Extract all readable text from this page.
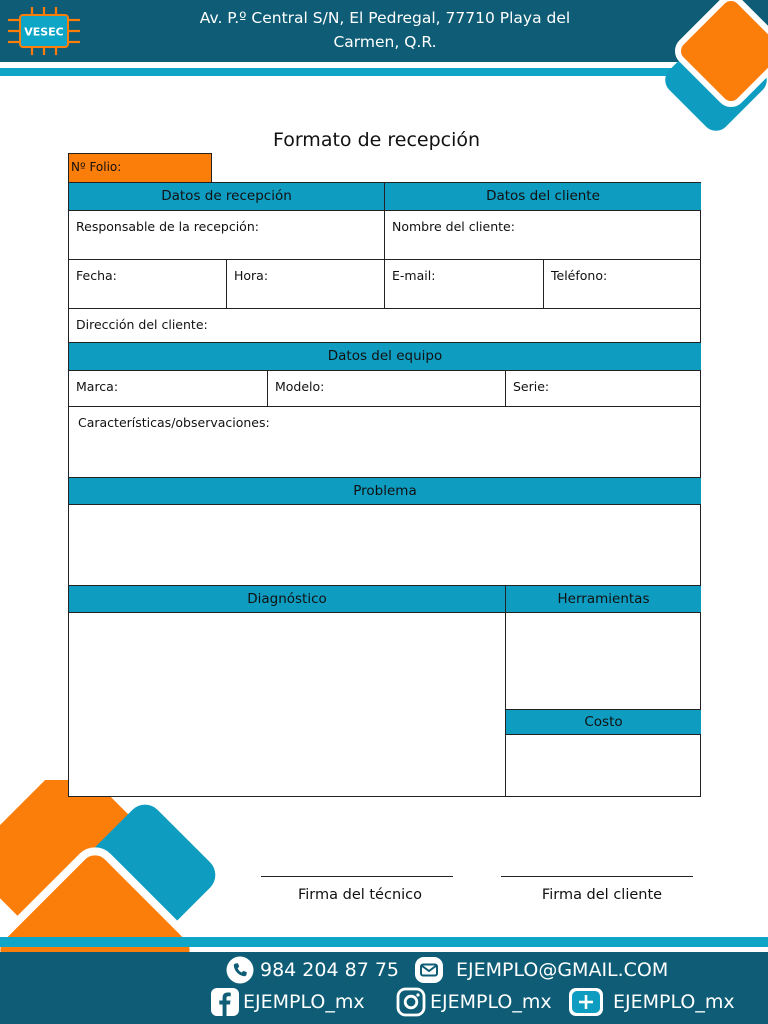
VESEC
Av. P.º Central S/N, El Pedregal, 77710 Playa del
Carmen, Q.R.
Formato de recepción
Nº Folio:
Datos de recepción	Datos del cliente
Responsable de la recepción:	Nombre del cliente:
Fecha:	Hora:	E-mail:	Teléfono:
Dirección del cliente:
Datos del equipo
Marca:	Modelo:	Serie:
Características/observaciones:
Problema
Diagnóstico	Herramientas
Costo
Firma del técnico	Firma del cliente
984 204 87 75	EJEMPLO@GMAIL.COM
EJEMPLO_mx	EJEMPLO_mx	EJEMPLO_mx
